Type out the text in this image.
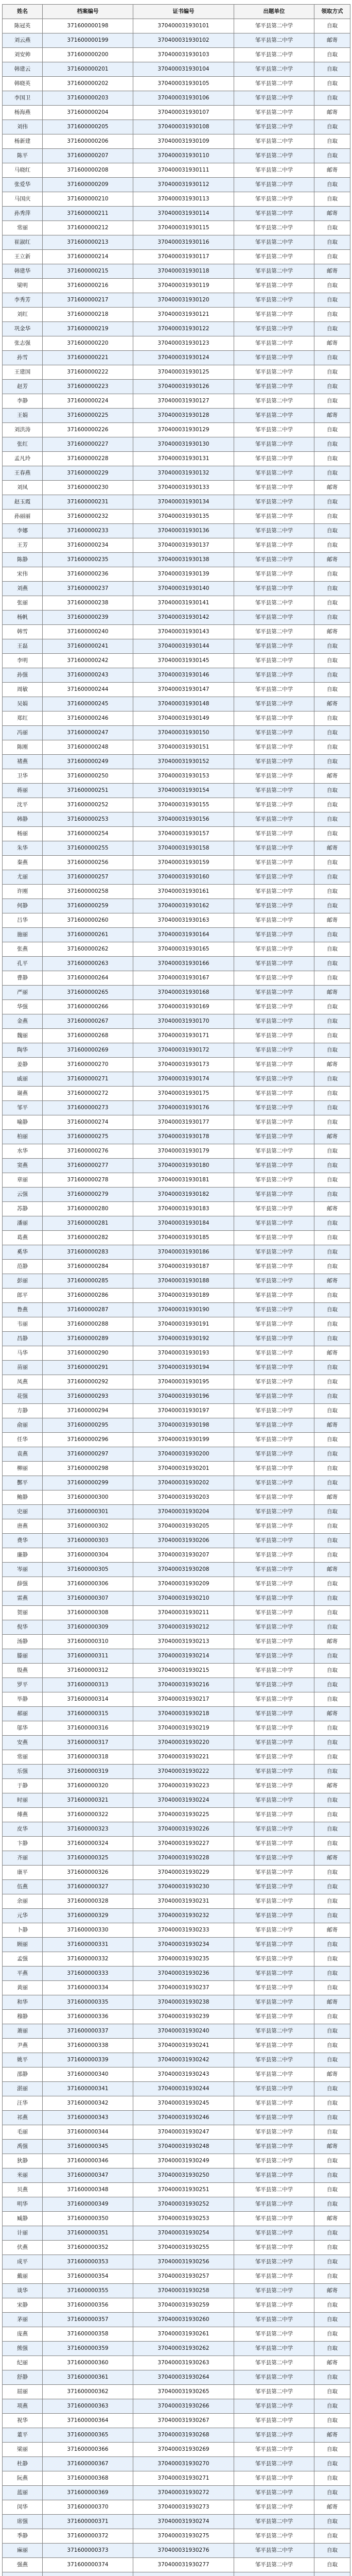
姓名	档案编号	证书编号	出题单位	领取方式
陈冠英	371600000198	370400031930101	邹平县第二中学	自取
刘云燕	371600000199	370400031930102	邹平县第二中学	邮寄
刘安帅	371600000200	370400031930103	邹平县第二中学	自取
韩建云	371600000201	370400031930104	邹平县第二中学	自取
韩晓英	371600000202	370400031930105	邹平县第二中学	自取
李国卫	371600000203	370400031930106	邹平县第二中学	自取
杨海燕	371600000204	370400031930107	邹平县第二中学	邮寄
刘伟	371600000205	370400031930108	邹平县第二中学	自取
杨新建	371600000206	370400031930109	邹平县第二中学	自取
陈平	371600000207	370400031930110	邹平县第二中学	自取
马晓红	371600000208	370400031930111	邹平县第二中学	邮寄
张爱华	371600000209	370400031930112	邹平县第二中学	自取
马国庆	371600000210	370400031930113	邹平县第二中学	自取
孙秀萍	371600000211	370400031930114	邹平县第二中学	邮寄
常丽	371600000212	370400031930115	邹平县第二中学	自取
崔淑红	371600000213	370400031930116	邹平县第二中学	自取
王立新	371600000214	370400031930117	邹平县第二中学	自取
韩建华	371600000215	370400031930118	邹平县第二中学	邮寄
梁明	371600000216	370400031930119	邹平县第二中学	自取
李秀芳	371600000217	370400031930120	邹平县第二中学	自取
刘红	371600000218	370400031930121	邹平县第二中学	自取
巩金华	371600000219	370400031930122	邹平县第二中学	自取
张志强	371600000220	370400031930123	邹平县第二中学	邮寄
孙雪	371600000221	370400031930124	邹平县第二中学	自取
王建国	371600000222	370400031930125	邹平县第二中学	自取
赵芳	371600000223	370400031930126	邹平县第二中学	自取
李静	371600000224	370400031930127	邹平县第二中学	自取
王娟	371600000225	370400031930128	邹平县第二中学	邮寄
刘洪涛	371600000226	370400031930129	邹平县第二中学	自取
张红	371600000227	370400031930130	邹平县第二中学	自取
孟凡玲	371600000228	370400031930131	邹平县第二中学	自取
王春燕	371600000229	370400031930132	邹平县第二中学	自取
刘凤	371600000230	370400031930133	邹平县第二中学	邮寄
赵玉霞	371600000231	370400031930134	邹平县第二中学	自取
孙丽丽	371600000232	370400031930135	邹平县第二中学	自取
李娜	371600000233	370400031930136	邹平县第二中学	自取
王芳	371600000234	370400031930137	邹平县第二中学	自取
陈静	371600000235	370400031930138	邹平县第二中学	邮寄
宋伟	371600000236	370400031930139	邹平县第二中学	自取
刘燕	371600000237	370400031930140	邹平县第二中学	自取
张丽	371600000238	370400031930141	邹平县第二中学	自取
杨帆	371600000239	370400031930142	邹平县第二中学	自取
韩雪	371600000240	370400031930143	邹平县第二中学	邮寄
王磊	371600000241	370400031930144	邹平县第二中学	自取
李明	371600000242	370400031930145	邹平县第二中学	自取
孙强	371600000243	370400031930146	邹平县第二中学	自取
周敏	371600000244	370400031930147	邹平县第二中学	自取
吴娟	371600000245	370400031930148	邹平县第二中学	邮寄
郑红	371600000246	370400031930149	邹平县第二中学	自取
冯丽	371600000247	370400031930150	邹平县第二中学	自取
陈刚	371600000248	370400031930151	邹平县第二中学	自取
褚燕	371600000249	370400031930152	邹平县第二中学	自取
卫华	371600000250	370400031930153	邹平县第二中学	邮寄
蒋丽	371600000251	370400031930154	邹平县第二中学	自取
沈平	371600000252	370400031930155	邹平县第二中学	自取
韩静	371600000253	370400031930156	邹平县第二中学	自取
杨丽	371600000254	370400031930157	邹平县第二中学	自取
朱华	371600000255	370400031930158	邹平县第二中学	邮寄
秦燕	371600000256	370400031930159	邹平县第二中学	自取
尤丽	371600000257	370400031930160	邹平县第二中学	自取
许刚	371600000258	370400031930161	邹平县第二中学	自取
何静	371600000259	370400031930162	邹平县第二中学	自取
吕华	371600000260	370400031930163	邹平县第二中学	邮寄
施丽	371600000261	370400031930164	邹平县第二中学	自取
张燕	371600000262	370400031930165	邹平县第二中学	自取
孔平	371600000263	370400031930166	邹平县第二中学	自取
曹静	371600000264	370400031930167	邹平县第二中学	自取
严丽	371600000265	370400031930168	邹平县第二中学	邮寄
华强	371600000266	370400031930169	邹平县第二中学	自取
金燕	371600000267	370400031930170	邹平县第二中学	自取
魏丽	371600000268	370400031930171	邹平县第二中学	自取
陶华	371600000269	370400031930172	邹平县第二中学	自取
姜静	371600000270	370400031930173	邹平县第二中学	邮寄
戚丽	371600000271	370400031930174	邹平县第二中学	自取
谢燕	371600000272	370400031930175	邹平县第二中学	自取
邹平	371600000273	370400031930176	邹平县第二中学	自取
喻静	371600000274	370400031930177	邹平县第二中学	自取
柏丽	371600000275	370400031930178	邹平县第二中学	邮寄
水华	371600000276	370400031930179	邹平县第二中学	自取
窦燕	371600000277	370400031930180	邹平县第二中学	自取
章丽	371600000278	370400031930181	邹平县第二中学	自取
云强	371600000279	370400031930182	邹平县第二中学	自取
苏静	371600000280	370400031930183	邹平县第二中学	邮寄
潘丽	371600000281	370400031930184	邹平县第二中学	自取
葛燕	371600000282	370400031930185	邹平县第二中学	自取
奚华	371600000283	370400031930186	邹平县第二中学	自取
范静	371600000284	370400031930187	邹平县第二中学	自取
彭丽	371600000285	370400031930188	邹平县第二中学	邮寄
郎平	371600000286	370400031930189	邹平县第二中学	自取
鲁燕	371600000287	370400031930190	邹平县第二中学	自取
韦丽	371600000288	370400031930191	邹平县第二中学	自取
昌静	371600000289	370400031930192	邹平县第二中学	自取
马华	371600000290	370400031930193	邹平县第二中学	邮寄
苗丽	371600000291	370400031930194	邹平县第二中学	自取
凤燕	371600000292	370400031930195	邹平县第二中学	自取
花强	371600000293	370400031930196	邹平县第二中学	自取
方静	371600000294	370400031930197	邹平县第二中学	自取
俞丽	371600000295	370400031930198	邹平县第二中学	邮寄
任华	371600000296	370400031930199	邹平县第二中学	自取
袁燕	371600000297	370400031930200	邹平县第二中学	自取
柳丽	371600000298	370400031930201	邹平县第二中学	自取
酆平	371600000299	370400031930202	邹平县第二中学	自取
鲍静	371600000300	370400031930203	邹平县第二中学	邮寄
史丽	371600000301	370400031930204	邹平县第二中学	自取
唐燕	371600000302	370400031930205	邹平县第二中学	自取
费华	371600000303	370400031930206	邹平县第二中学	自取
廉静	371600000304	370400031930207	邹平县第二中学	自取
岑丽	371600000305	370400031930208	邹平县第二中学	邮寄
薛强	371600000306	370400031930209	邹平县第二中学	自取
雷燕	371600000307	370400031930210	邹平县第二中学	自取
贺丽	371600000308	370400031930211	邹平县第二中学	自取
倪华	371600000309	370400031930212	邹平县第二中学	自取
汤静	371600000310	370400031930213	邹平县第二中学	邮寄
滕丽	371600000311	370400031930214	邹平县第二中学	自取
殷燕	371600000312	370400031930215	邹平县第二中学	自取
罗平	371600000313	370400031930216	邹平县第二中学	自取
毕静	371600000314	370400031930217	邹平县第二中学	自取
郝丽	371600000315	370400031930218	邹平县第二中学	邮寄
邬华	371600000316	370400031930219	邹平县第二中学	自取
安燕	371600000317	370400031930220	邹平县第二中学	自取
常丽	371600000318	370400031930221	邹平县第二中学	自取
乐强	371600000319	370400031930222	邹平县第二中学	自取
于静	371600000320	370400031930223	邹平县第二中学	邮寄
时丽	371600000321	370400031930224	邹平县第二中学	自取
傅燕	371600000322	370400031930225	邹平县第二中学	自取
皮华	371600000323	370400031930226	邹平县第二中学	自取
卞静	371600000324	370400031930227	邹平县第二中学	自取
齐丽	371600000325	370400031930228	邹平县第二中学	邮寄
康平	371600000326	370400031930229	邹平县第二中学	自取
伍燕	371600000327	370400031930230	邹平县第二中学	自取
余丽	371600000328	370400031930231	邹平县第二中学	自取
元华	371600000329	370400031930232	邹平县第二中学	自取
卜静	371600000330	370400031930233	邹平县第二中学	邮寄
顾丽	371600000331	370400031930234	邹平县第二中学	自取
孟强	371600000332	370400031930235	邹平县第二中学	自取
平燕	371600000333	370400031930236	邹平县第二中学	自取
黄丽	371600000334	370400031930237	邹平县第二中学	自取
和华	371600000335	370400031930238	邹平县第二中学	邮寄
穆静	371600000336	370400031930239	邹平县第二中学	自取
萧丽	371600000337	370400031930240	邹平县第二中学	自取
尹燕	371600000338	370400031930241	邹平县第二中学	自取
姚平	371600000339	370400031930242	邹平县第二中学	自取
邵静	371600000340	370400031930243	邹平县第二中学	邮寄
湛丽	371600000341	370400031930244	邹平县第二中学	自取
汪华	371600000342	370400031930245	邹平县第二中学	自取
祁燕	371600000343	370400031930246	邹平县第二中学	自取
毛丽	371600000344	370400031930247	邹平县第二中学	自取
禹强	371600000345	370400031930248	邹平县第二中学	邮寄
狄静	371600000346	370400031930249	邹平县第二中学	自取
米丽	371600000347	370400031930250	邹平县第二中学	自取
贝燕	371600000348	370400031930251	邹平县第二中学	自取
明华	371600000349	370400031930252	邹平县第二中学	自取
臧静	371600000350	370400031930253	邹平县第二中学	邮寄
计丽	371600000351	370400031930254	邹平县第二中学	自取
伏燕	371600000352	370400031930255	邹平县第二中学	自取
成平	371600000353	370400031930256	邹平县第二中学	自取
戴丽	371600000354	370400031930257	邹平县第二中学	自取
谈华	371600000355	370400031930258	邹平县第二中学	邮寄
宋静	371600000356	370400031930259	邹平县第二中学	自取
茅丽	371600000357	370400031930260	邹平县第二中学	自取
庞燕	371600000358	370400031930261	邹平县第二中学	自取
熊强	371600000359	370400031930262	邹平县第二中学	自取
纪丽	371600000360	370400031930263	邹平县第二中学	邮寄
舒静	371600000361	370400031930264	邹平县第二中学	自取
屈丽	371600000362	370400031930265	邹平县第二中学	自取
项燕	371600000363	370400031930266	邹平县第二中学	自取
祝华	371600000364	370400031930267	邹平县第二中学	自取
董平	371600000365	370400031930268	邹平县第二中学	邮寄
梁丽	371600000366	370400031930269	邹平县第二中学	自取
杜静	371600000367	370400031930270	邹平县第二中学	自取
阮燕	371600000368	370400031930271	邹平县第二中学	自取
蓝丽	371600000369	370400031930272	邹平县第二中学	自取
闵华	371600000370	370400031930273	邹平县第二中学	邮寄
席强	371600000371	370400031930274	邹平县第二中学	自取
季静	371600000372	370400031930275	邹平县第二中学	自取
麻丽	371600000373	370400031930276	邹平县第二中学	自取
强燕	371600000374	370400031930277	邹平县第二中学	自取
